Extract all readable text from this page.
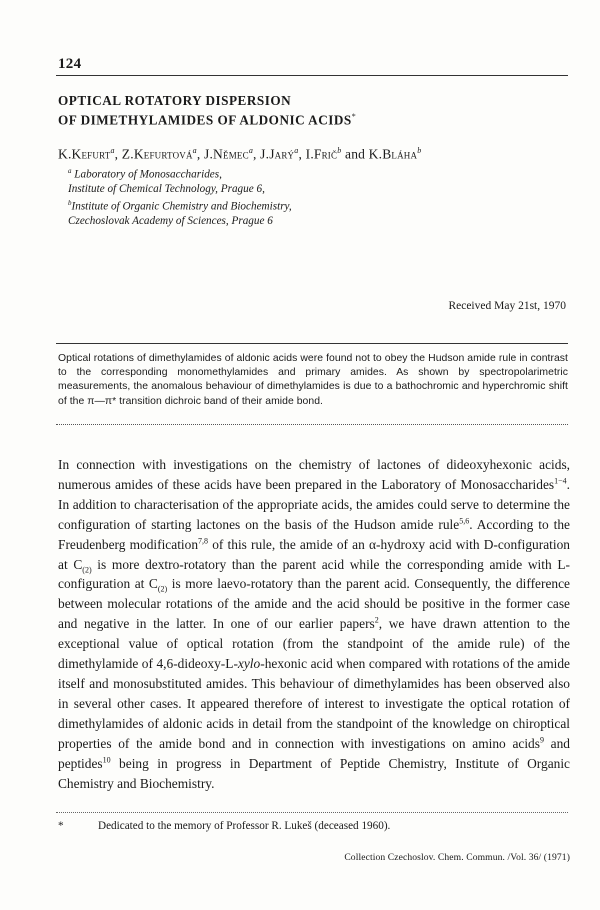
124
OPTICAL ROTATORY DISPERSION
OF DIMETHYLAMIDES OF ALDONIC ACIDS*
K.Kefurt$^a$, Z.Kefurtová$^a$, J.Němec$^a$, J.Jarý$^a$, I.Frič$^b$ and K.Bláha$^b$
$^a$ Laboratory of Monosaccharides,
Institute of Chemical Technology, Prague 6,
$^b$Institute of Organic Chemistry and Biochemistry,
Czechoslovak Academy of Sciences, Prague 6
Received May 21st, 1970
Optical rotations of dimethylamides of aldonic acids were found not to obey the Hudson amide rule in contrast to the corresponding monomethylamides and primary amides. As shown by spectropolarimetric measurements, the anomalous behaviour of dimethylamides is due to a bathochromic and hyperchromic shift of the π—π* transition dichroic band of their amide bond.
In connection with investigations on the chemistry of lactones of dideoxyhexonic acids, numerous amides of these acids have been prepared in the Laboratory of Monosaccharides$^{1-4}$. In addition to characterisation of the appropriate acids, the amides could serve to determine the configuration of starting lactones on the basis of the Hudson amide rule$^{5,6}$. According to the Freudenberg modification$^{7,8}$ of this rule, the amide of an α-hydroxy acid with D-configuration at $C_{(2)}$ is more dextro-rotatory than the parent acid while the corresponding amide with L-configuration at $C_{(2)}$ is more laevo-rotatory than the parent acid. Consequently, the difference between molecular rotations of the amide and the acid should be positive in the former case and negative in the latter. In one of our earlier papers$^2$, we have drawn attention to the exceptional value of optical rotation (from the standpoint of the amide rule) of the dimethylamide of 4,6-dideoxy-L-xylo-hexonic acid when compared with rotations of the amide itself and monosubstituted amides. This behaviour of dimethylamides has been observed also in several other cases. It appeared therefore of interest to investigate the optical rotation of dimethylamides of aldonic acids in detail from the standpoint of the knowledge on chiroptical properties of the amide bond and in connection with investigations on amino acids$^9$ and peptides$^{10}$ being in progress in Department of Peptide Chemistry, Institute of Organic Chemistry and Biochemistry.
*	Dedicated to the memory of Professor R. Lukeš (deceased 1960).
Collection Czechoslov. Chem. Commun. /Vol. 36/ (1971)
